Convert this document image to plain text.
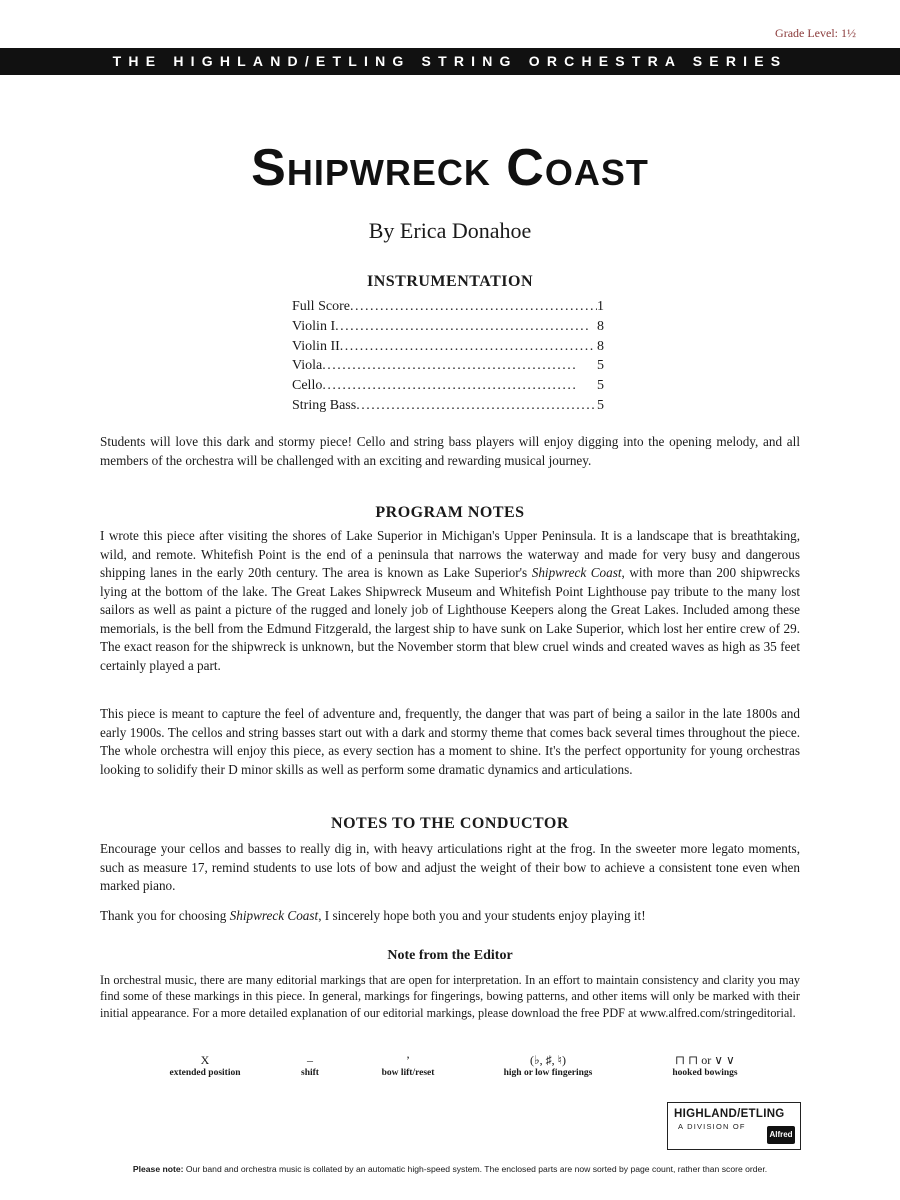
Grade Level: 1½
THE HIGHLAND/ETLING STRING ORCHESTRA SERIES
Shipwreck Coast
By Erica Donahoe
INSTRUMENTATION
Full Score . . .	1
Violin I . . .	8
Violin II . . .	8
Viola . . .	5
Cello . . .	5
String Bass . . .	5

Students will love this dark and stormy piece! Cello and string bass players will enjoy digging into the opening melody, and all members of the orchestra will be challenged with an exciting and rewarding musical journey.

PROGRAM NOTES

I wrote this piece after visiting the shores of Lake Superior in Michigan's Upper Peninsula. It is a landscape that is breathtaking, wild, and remote. Whitefish Point is the end of a peninsula that narrows the waterway and made for very busy and dangerous shipping lanes in the early 20th century. The area is known as Lake Superior's Shipwreck Coast, with more than 200 shipwrecks lying at the bottom of the lake. The Great Lakes Shipwreck Museum and Whitefish Point Lighthouse pay tribute to the many lost sailors as well as paint a picture of the rugged and lonely job of Lighthouse Keepers along the Great Lakes. Included among these memorials, is the bell from the Edmund Fitzgerald, the largest ship to have sunk on Lake Superior, which lost her entire crew of 29. The exact reason for the shipwreck is unknown, but the November storm that blew cruel winds and created waves as high as 35 feet certainly played a part.

This piece is meant to capture the feel of adventure and, frequently, the danger that was part of being a sailor in the late 1800s and early 1900s. The cellos and string basses start out with a dark and stormy theme that comes back several times throughout the piece. The whole orchestra will enjoy this piece, as every section has a moment to shine. It's the perfect opportunity for young orchestras looking to solidify their D minor skills as well as perform some dramatic dynamics and articulations.

NOTES TO THE CONDUCTOR

Encourage your cellos and basses to really dig in, with heavy articulations right at the frog. In the sweeter more legato moments, such as measure 17, remind students to use lots of bow and adjust the weight of their bow to achieve a consistent tone even when marked piano.

Thank you for choosing Shipwreck Coast, I sincerely hope both you and your students enjoy playing it!

Note from the Editor

In orchestral music, there are many editorial markings that are open for interpretation. In an effort to maintain consistency and clarity you may find some of these markings in this piece. In general, markings for fingerings, bowing patterns, and other items will only be marked with their initial appearance. For a more detailed explanation of our editorial markings, please download the free PDF at www.alfred.com/stringeditorial.

X
extended position
–
shift
’
bow lift/reset
(♭, ♯, ♮)
high or low fingerings
⊓ ⊓ or ∨ ∨
hooked bowings
HIGHLAND/ETLING
A DIVISION OF
Alfred
Please note: Our band and orchestra music is collated by an automatic high-speed system. The enclosed parts are now sorted by page count, rather than score order.
